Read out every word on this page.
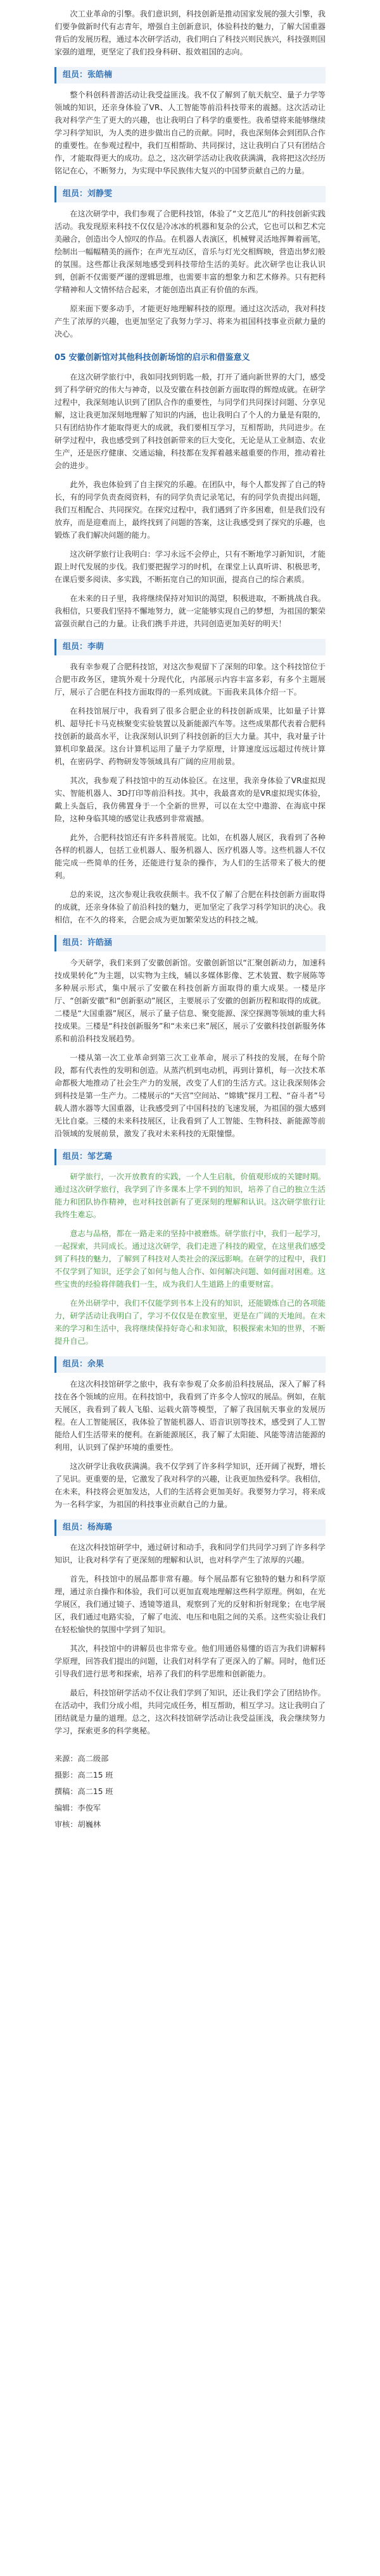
次工业革命的引擎。我们意识到，科技创新是推动国家发展的强大引擎，我们要争做新时代有志青年，增强自主创新意识，体验科技的魅力，了解大国重器背后的发展历程，通过本次研学活动，我们明白了科技兴则民族兴，科技强则国家强的道理，更坚定了我们投身科研、报效祖国的志向。

组员：张皓楠

整个科创科普游活动让我受益匪浅。我不仅了解到了航天航空、量子力学等领域的知识，还亲身体验了VR、人工智能等前沿科技带来的震撼。这次活动让我对科学产生了更大的兴趣，也让我明白了科学的重要性。我希望将来能够继续学习科学知识，为人类的进步做出自己的贡献。同时，我也深刻体会到团队合作的重要性。在参观过程中，我们互相帮助、共同探讨，这让我明白了只有团结合作，才能取得更大的成功。总之，这次研学活动让我收获满满，我将把这次经历铭记在心，不断努力，为实现中华民族伟大复兴的中国梦贡献自己的力量。

组员：刘静雯

在这次研学中，我们参观了合肥科技馆，体验了“文艺范儿”的科技创新实践活动。我发现原来科技不仅仅是冷冰冰的机器和复杂的公式，它也可以和艺术完美融合，创造出令人惊叹的作品。在机器人表演区，机械臂灵活地挥舞着画笔，绘制出一幅幅精美的画作；在声光互动区，音乐与灯光交相辉映，营造出梦幻般的氛围。这些都让我深刻地感受到科技带给生活的美好。此次研学也让我认识到，创新不仅需要严谨的逻辑思维，也需要丰富的想象力和艺术修养。只有把科学精神和人文情怀结合起来，才能创造出真正有价值的东西。

原来面下要多动手，才能更好地理解科技的原理。通过这次活动，我对科技产生了浓厚的兴趣，也更加坚定了我努力学习、将来为祖国科技事业贡献力量的决心。

05 安徽创新馆对其他科技创新场馆的启示和借鉴意义

在这次研学旅行中，我如同找到钥匙一般，打开了通向新世界的大门，感受到了科学研究的伟大与神奇，以及安徽在科技创新方面取得的辉煌成就。在研学过程中，我深刻地认识到了团队合作的重要性，与同学们共同探讨问题、分享见解，这让我更加深刻地理解了知识的内涵，也让我明白了个人的力量是有限的，只有团结协作才能取得更大的成就，我们要相互学习，互相帮助，共同进步。在研学过程中，我也感受到了科技创新带来的巨大变化，无论是从工业制造、农业生产，还是医疗健康、交通运输，科技都在发挥着越来越重要的作用，推动着社会的进步。

此外，我也体验到了自主探究的乐趣。在团队中，每个人都发挥了自己的特长，有的同学负责查阅资料，有的同学负责记录笔记，有的同学负责提出问题，我们互相配合、共同探究。在探究过程中，我们遇到了许多困难，但是我们没有放弃，而是迎难而上，最终找到了问题的答案，这让我感受到了探究的乐趣，也锻炼了我们解决问题的能力。

这次研学旅行让我明白：学习永远不会停止，只有不断地学习新知识，才能跟上时代发展的步伐。我们要把握学习的时机，在课堂上认真听讲、积极思考，在课后要多阅读、多实践，不断拓宽自己的知识面，提高自己的综合素质。

在未来的日子里，我将继续保持对知识的渴望，积极进取，不断挑战自我。我相信，只要我们坚持不懈地努力，就一定能够实现自己的梦想，为祖国的繁荣富强贡献自己的力量。让我们携手并进，共同创造更加美好的明天！

组员：李萌

我有幸参观了合肥科技馆，对这次参观留下了深刻的印象。这个科技馆位于合肥市政务区，建筑外观十分现代化，内部展示内容丰富多彩，有多个主题展厅，展示了合肥在科技方面取得的一系列成就。下面我来具体介绍一下。

在科技馆展厅中，我看到了很多合肥企业的科技创新成果，比如量子计算机、超导托卡马克核聚变实验装置以及新能源汽车等。这些成果都代表着合肥科技创新的最高水平，让我深刻认识到了科技创新的巨大力量。其中，我对量子计算机印象最深。这台计算机运用了量子力学原理，计算速度远远超过传统计算机，在密码学、药物研发等领域具有广阔的应用前景。

其次，我参观了科技馆中的互动体验区。在这里，我亲身体验了VR虚拟现实、智能机器人、3D打印等前沿科技。其中，我最喜欢的是VR虚拟现实体验，戴上头盔后，我仿佛置身于一个全新的世界，可以在太空中遨游、在海底中探险，这种身临其境的感觉让我感到非常震撼。

此外，合肥科技馆还有许多科普展览。比如，在机器人展区，我看到了各种各样的机器人，包括工业机器人、服务机器人、医疗机器人等。这些机器人不仅能完成一些简单的任务，还能进行复杂的操作，为人们的生活带来了极大的便利。

总的来说，这次参观让我收获颇丰。我不仅了解了合肥在科技创新方面取得的成就，还亲身体验了前沿科技的魅力，更加坚定了我学习科学知识的决心。我相信，在不久的将来，合肥会成为更加繁荣发达的科技之城。

组员：许皓涵

今天研学，我们来到了安徽创新馆。安徽创新馆以“汇聚创新动力，加速科技成果转化”为主题，以实物为主线，辅以多媒体影像、艺术装置、数字展陈等多种展示形式，集中展示了安徽在科技创新方面取得的重大成果。一楼是序厅、“创新安徽”和“创新驱动”展区，主要展示了安徽的创新历程和取得的成就。二楼是“大国重器”展区，展示了量子信息、聚变能源、深空探测等领域的重大科技成果。三楼是“科技创新服务”和“未来已来”展区，展示了安徽科技创新服务体系和前沿科技发展趋势。

一楼从第一次工业革命到第三次工业革命，展示了科技的发展，在每个阶段，都有代表性的发明和创造。从蒸汽机到电动机，再到计算机，每一次技术革命都极大地推动了社会生产力的发展，改变了人们的生活方式。这让我深刻体会到科技是第一生产力。二楼展示的“天宫”空间站、“嫦娥”探月工程、“奋斗者”号载人潜水器等大国重器，让我感受到了中国科技的飞速发展，为祖国的强大感到无比自豪。三楼的未来科技展区，让我看到了人工智能、生物科技、新能源等前沿领域的发展前景，激发了我对未来科技的无限憧憬。

组员：邹艺璐

研学旅行，一次开放教育的实践，一个人生启航，价值观形成的关键时期。通过这次研学旅行，我学到了许多课本上学不到的知识，培养了自己的独立生活能力和团队协作精神，也对科技创新有了更深刻的理解和认识。这次研学旅行让我终生难忘。

意志与品格，都在一路走来的坚持中被磨炼。研学旅行中，我们一起学习，一起探索，共同成长。通过这次研学，我们走进了科技的殿堂，在这里我们感受到了科技的魅力，了解到了科技对人类社会的深远影响。在研学的过程中，我们不仅学到了知识，还学会了如何与他人合作、如何解决问题、如何面对困难。这些宝贵的经验将伴随我们一生，成为我们人生道路上的重要财富。

在外出研学中，我们不仅能学到书本上没有的知识，还能锻炼自己的各项能力，研学活动让我明白了，学习不仅仅是在教室里，更是在广阔的天地间。在未来的学习和生活中，我将继续保持好奇心和求知欲，积极探索未知的世界，不断提升自己。

组员：余果

在这次科技馆研学之旅中，我有幸参观了众多前沿科技展品，深入了解了科技在各个领域的应用。在科技馆中，我看到了许多令人惊叹的展品。例如，在航天展区，我看到了载人飞船、运载火箭等模型，了解了我国航天事业的发展历程。在人工智能展区，我体验了智能机器人、语音识别等技术，感受到了人工智能给人们生活带来的便利。在新能源展区，我了解了太阳能、风能等清洁能源的利用，认识到了保护环境的重要性。

这次研学让我收获满满。我不仅学到了许多科学知识，还开阔了视野，增长了见识。更重要的是，它激发了我对科学的兴趣，让我更加热爱科学。我相信，在未来，科技将会更加发达，人们的生活将会更加美好。我要努力学习，将来成为一名科学家，为祖国的科技事业贡献自己的力量。

组员：杨海璐

在这次科技馆研学中，通过研讨和动手，我和同学们共同学习到了许多科学知识，让我对科学有了更深刻的理解和认识，也对科学产生了浓厚的兴趣。

首先，科技馆中的展品都非常有趣。每个展品都有它独特的魅力和科学原理，通过亲自操作和体验，我们可以更加直观地理解这些科学原理。例如，在光学展区，我们通过镜子、透镜等道具，观察到了光的反射和折射现象；在电学展区，我们通过电路实验，了解了电流、电压和电阻之间的关系。这些实验让我们在轻松愉快的氛围中学到了知识。

其次，科技馆中的讲解员也非常专业。他们用通俗易懂的语言为我们讲解科学原理，回答我们提出的问题，让我们对科学有了更深入的了解。同时，他们还引导我们进行思考和探索，培养了我们的科学思维和创新能力。

最后，科技馆研学活动不仅让我们学到了知识，还让我们学会了团结协作。在活动中，我们分成小组，共同完成任务，相互帮助，相互学习。这让我明白了团结就是力量的道理。总之，这次科技馆研学活动让我受益匪浅，我会继续努力学习，探索更多的科学奥秘。

来源：高二级部
摄影：高二15 班
撰稿：高二15 班
编辑：李俊军
审核：胡巍林
